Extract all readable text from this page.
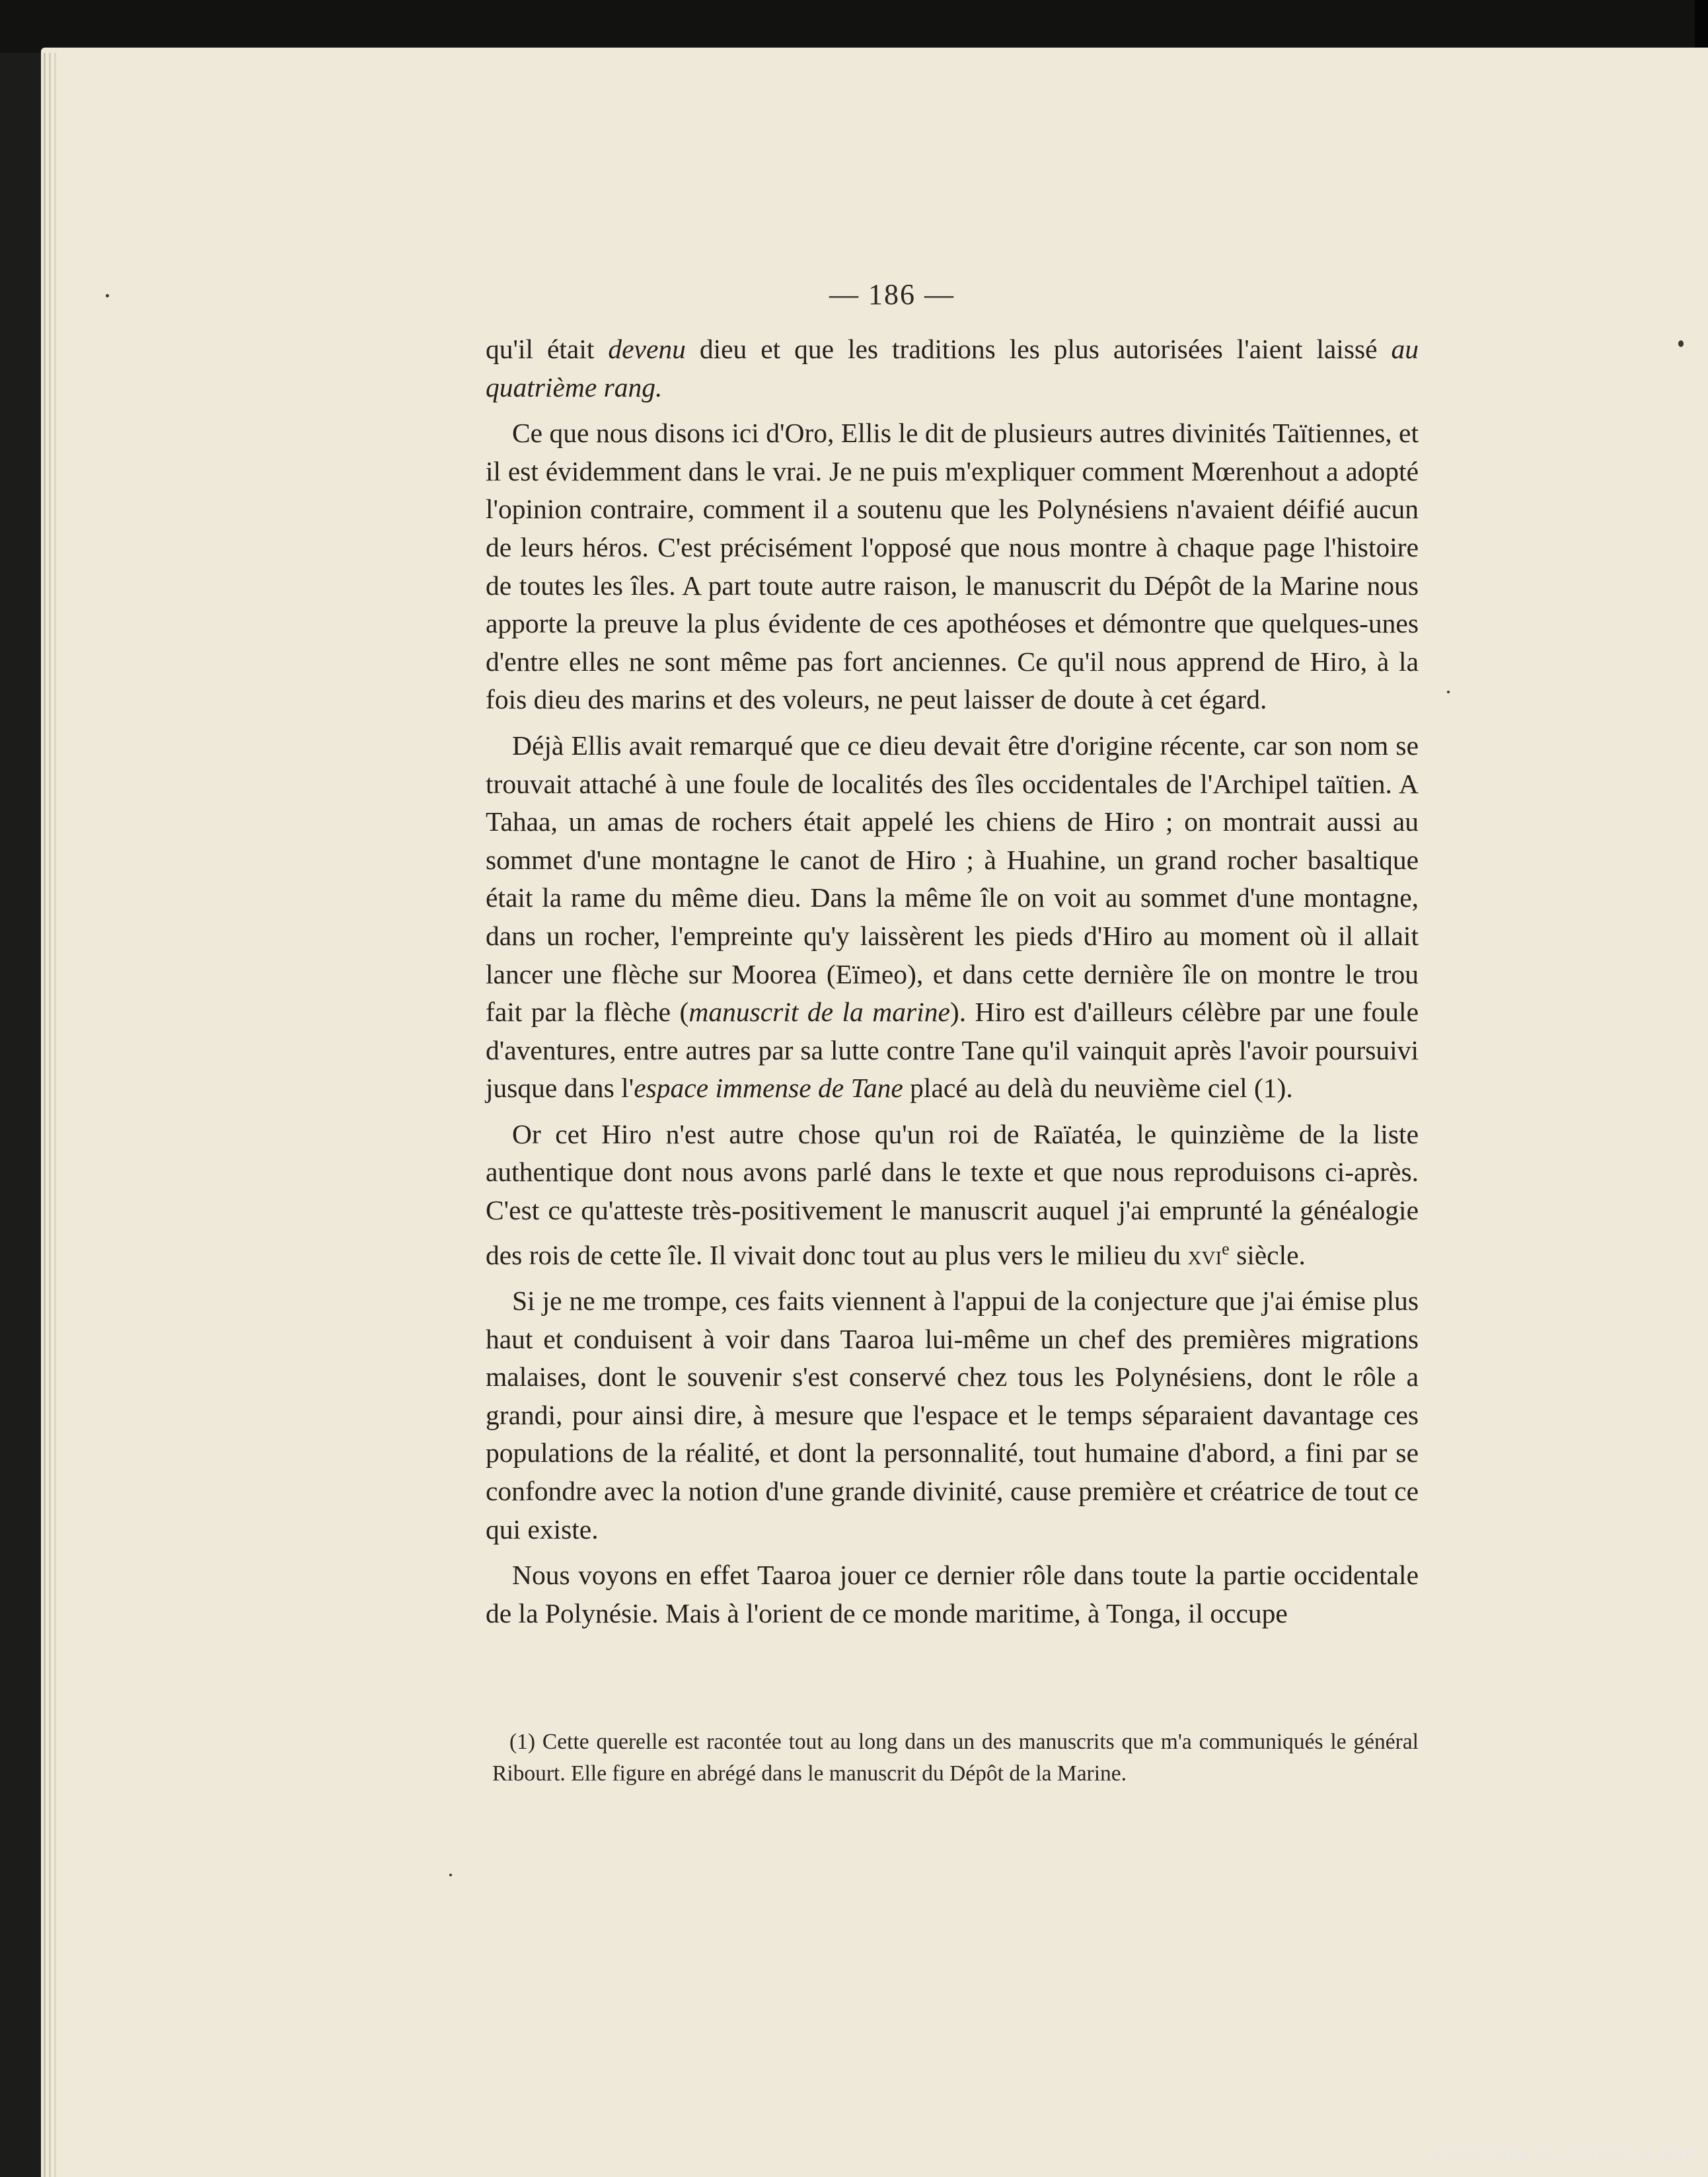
— 186 —

qu'il était devenu dieu et que les traditions les plus autorisées l'aient laissé au quatrième rang.

Ce que nous disons ici d'Oro, Ellis le dit de plusieurs autres divinités Taïtiennes, et il est évidemment dans le vrai. Je ne puis m'expliquer comment Mœrenhout a adopté l'opinion contraire, comment il a soutenu que les Polynésiens n'avaient déifié aucun de leurs héros. C'est précisément l'opposé que nous montre à chaque page l'histoire de toutes les îles. A part toute autre raison, le manuscrit du Dépôt de la Marine nous apporte la preuve la plus évidente de ces apothéoses et démontre que quelques-unes d'entre elles ne sont même pas fort anciennes. Ce qu'il nous apprend de Hiro, à la fois dieu des marins et des voleurs, ne peut laisser de doute à cet égard.

Déjà Ellis avait remarqué que ce dieu devait être d'origine récente, car son nom se trouvait attaché à une foule de localités des îles occidentales de l'Archipel taïtien. A Tahaa, un amas de rochers était appelé les chiens de Hiro ; on montrait aussi au sommet d'une montagne le canot de Hiro ; à Huahine, un grand rocher basaltique était la rame du même dieu. Dans la même île on voit au sommet d'une montagne, dans un rocher, l'empreinte qu'y laissèrent les pieds d'Hiro au moment où il allait lancer une flèche sur Moorea (Eïmeo), et dans cette dernière île on montre le trou fait par la flèche (manuscrit de la marine). Hiro est d'ailleurs célèbre par une foule d'aventures, entre autres par sa lutte contre Tane qu'il vainquit après l'avoir poursuivi jusque dans l'espace immense de Tane placé au delà du neuvième ciel (1).

Or cet Hiro n'est autre chose qu'un roi de Raïatéa, le quinzième de la liste authentique dont nous avons parlé dans le texte et que nous reproduisons ci-après. C'est ce qu'atteste très-positivement le manuscrit auquel j'ai emprunté la généalogie des rois de cette île. Il vivait donc tout au plus vers le milieu du xvi$^e$ siècle.

Si je ne me trompe, ces faits viennent à l'appui de la conjecture que j'ai émise plus haut et conduisent à voir dans Taaroa lui-même un chef des premières migrations malaises, dont le souvenir s'est conservé chez tous les Polynésiens, dont le rôle a grandi, pour ainsi dire, à mesure que l'espace et le temps séparaient davantage ces populations de la réalité, et dont la personnalité, tout humaine d'abord, a fini par se confondre avec la notion d'une grande divinité, cause première et créatrice de tout ce qui existe.

Nous voyons en effet Taaroa jouer ce dernier rôle dans toute la partie occidentale de la Polynésie. Mais à l'orient de ce monde maritime, à Tonga, il occupe

(1) Cette querelle est racontée tout au long dans un des manuscrits que m'a communiqués le général Ribourt. Elle figure en abrégé dans le manuscrit du Dépôt de la Marine.

Médiathèque de Rochefort et MAP
